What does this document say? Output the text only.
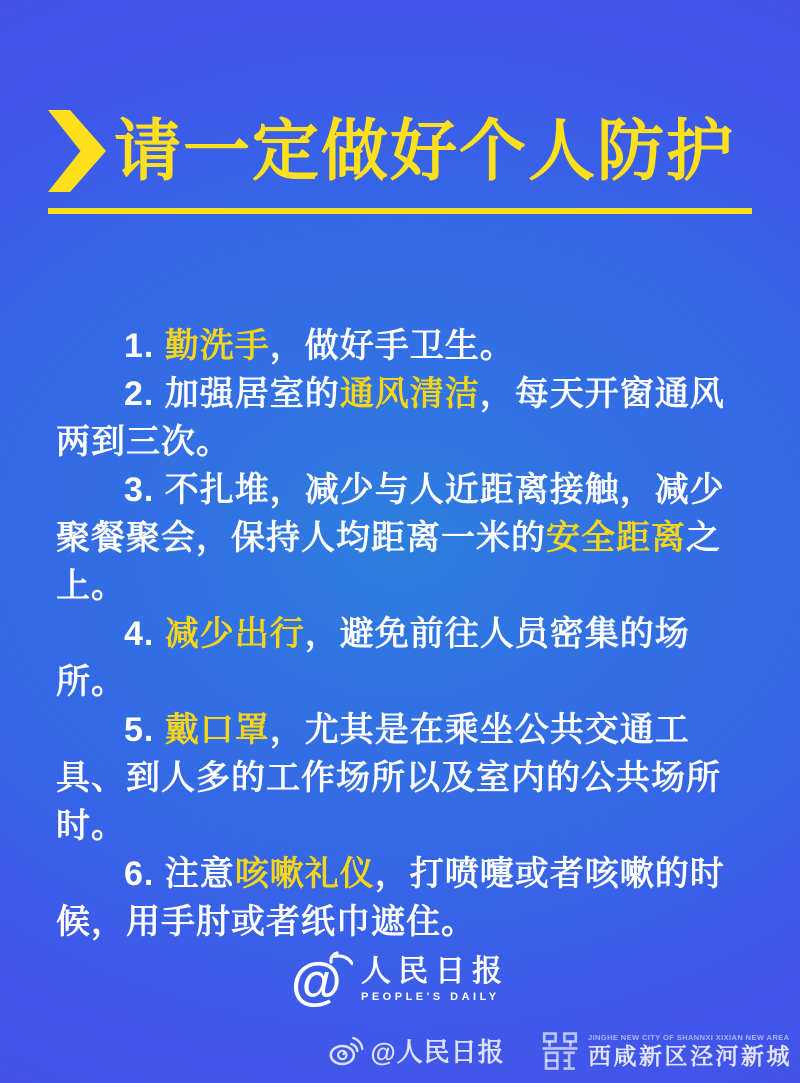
请一定做好个人防护

1. 勤洗手，做好手卫生。

2. 加强居室的通风清洁，每天开窗通风两到三次。

3. 不扎堆，减少与人近距离接触，减少聚餐聚会，保持人均距离一米的安全距离之上。

4. 减少出行，避免前往人员密集的场所。

5. 戴口罩，尤其是在乘坐公共交通工具、到人多的工作场所以及室内的公共场所时。

6. 注意咳嗽礼仪，打喷嚏或者咳嗽的时候，用手肘或者纸巾遮住。

@ 人民日报
PEOPLE'S DAILY
@人民日报	JINGHE NEW CITY OF SHANNXI XIXIAN NEW AREA
西咸新区泾河新城
